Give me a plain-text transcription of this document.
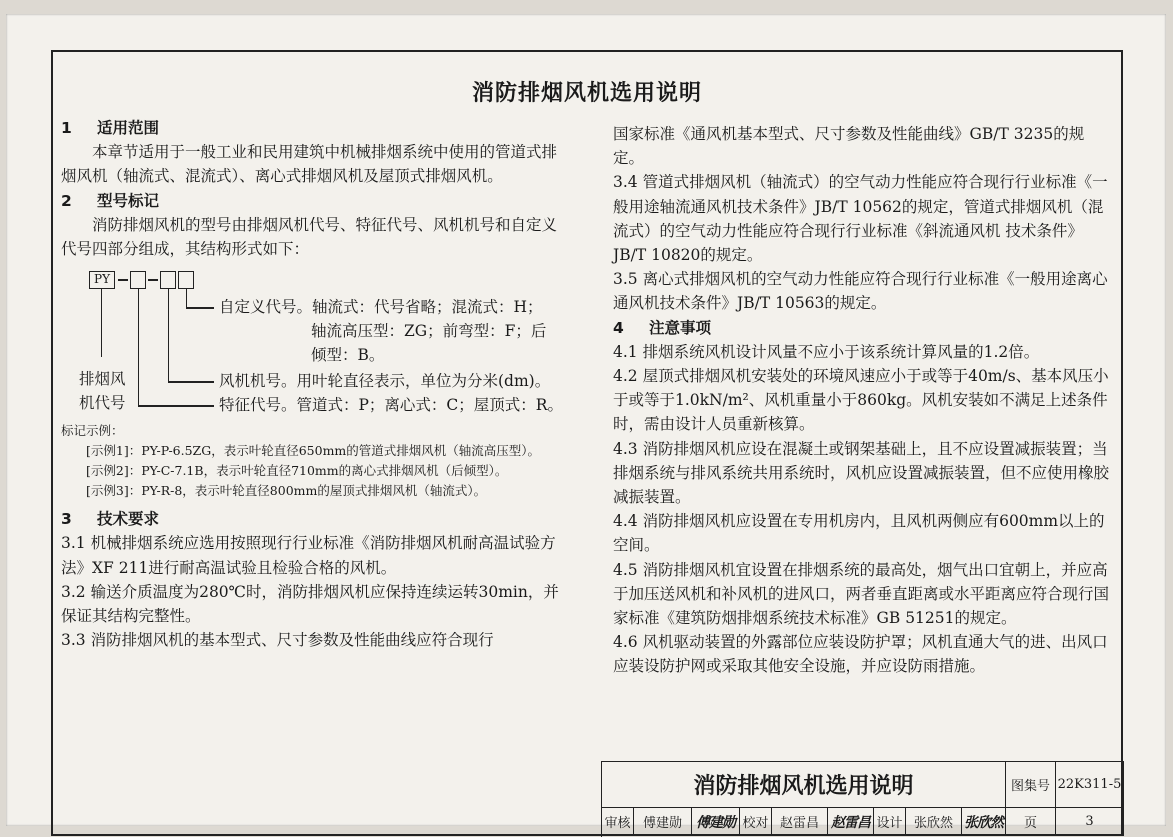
消防排烟风机选用说明

1 适用范围

本章节适用于一般工业和民用建筑中机械排烟系统中使用的管道式排烟风机（轴流式、混流式）、离心式排烟风机及屋顶式排烟风机。

2 型号标记

消防排烟风机的型号由排烟风机代号、特征代号、风机机号和自定义代号四部分组成，其结构形式如下：

PY
自定义代号。轴流式：代号省略；混流式：H；
轴流高压型：ZG；前弯型：F；后
倾型：B。
排烟风
机代号
风机机号。用叶轮直径表示，单位为分米(dm)。
特征代号。管道式：P；离心式：C；屋顶式：R。

标记示例：

[示例1]：PY-P-6.5ZG，表示叶轮直径650mm的管道式排烟风机（轴流高压型）。

[示例2]：PY-C-7.1B，表示叶轮直径710mm的离心式排烟风机（后倾型）。

[示例3]：PY-R-8，表示叶轮直径800mm的屋顶式排烟风机（轴流式）。

3 技术要求

3.1 机械排烟系统应选用按照现行行业标准《消防排烟风机耐高温试验方法》XF 211进行耐高温试验且检验合格的风机。

3.2 输送介质温度为280℃时，消防排烟风机应保持连续运转30min，并保证其结构完整性。

3.3 消防排烟风机的基本型式、尺寸参数及性能曲线应符合现行

国家标准《通风机基本型式、尺寸参数及性能曲线》GB/T 3235的规定。

3.4 管道式排烟风机（轴流式）的空气动力性能应符合现行行业标准《一般用途轴流通风机技术条件》JB/T 10562的规定，管道式排烟风机（混流式）的空气动力性能应符合现行行业标准《斜流通风机 技术条件》JB/T 10820的规定。

3.5 离心式排烟风机的空气动力性能应符合现行行业标准《一般用途离心通风机技术条件》JB/T 10563的规定。

4 注意事项

4.1 排烟系统风机设计风量不应小于该系统计算风量的1.2倍。

4.2 屋顶式排烟风机安装处的环境风速应小于或等于40m/s、基本风压小于或等于1.0kN/m²、风机重量小于860kg。风机安装如不满足上述条件时，需由设计人员重新核算。

4.3 消防排烟风机应设在混凝土或钢架基础上，且不应设置减振装置；当排烟系统与排风系统共用系统时，风机应设置减振装置，但不应使用橡胶减振装置。

4.4 消防排烟风机应设置在专用机房内，且风机两侧应有600mm以上的空间。

4.5 消防排烟风机宜设置在排烟系统的最高处，烟气出口宜朝上，并应高于加压送风机和补风机的进风口，两者垂直距离或水平距离应符合现行国家标准《建筑防烟排烟系统技术标准》GB 51251的规定。

4.6 风机驱动装置的外露部位应装设防护罩；风机直通大气的进、出风口应装设防护网或采取其他安全设施，并应设防雨措施。

消防排烟风机选用说明	图集号 22K311-5
审核 傅建勋	傅建勋 校对 赵雷昌 赵雷昌 设计 张欣然 张欣然	页	3
